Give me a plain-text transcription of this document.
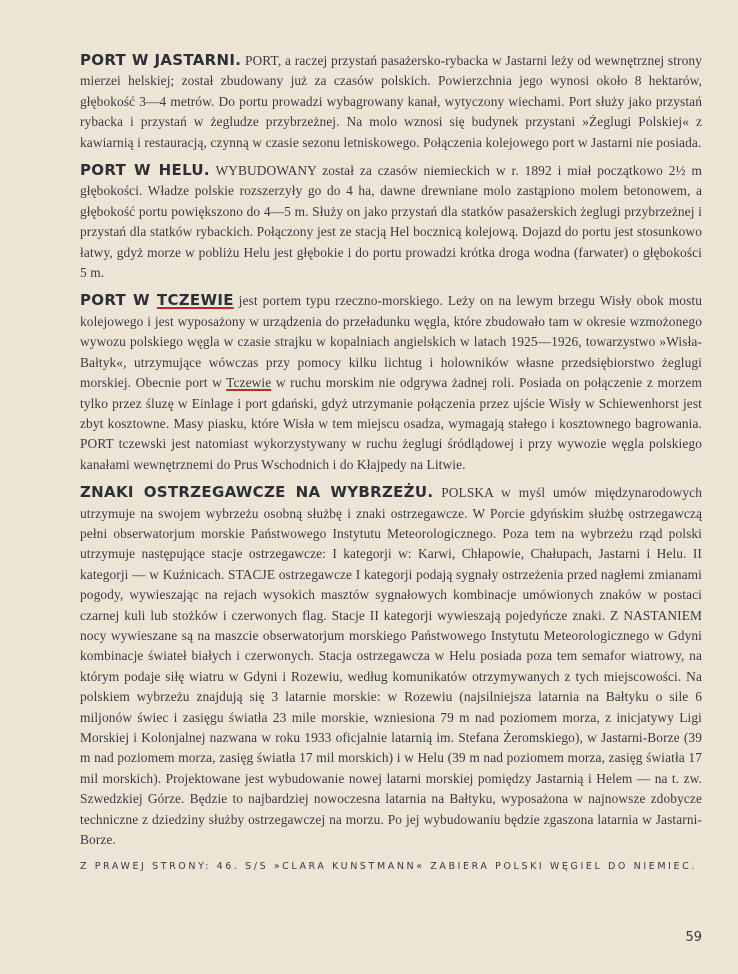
PORT W JASTARNI. PORT, a raczej przystań pasażersko-rybacka w Jastarni leży od wewnętrznej strony mierzei helskiej; został zbudowany już za czasów polskich. Powierzchnia jego wynosi około 8 hektarów, głębokość 3—4 metrów. Do portu prowadzi wybagrowany kanał, wytyczony wiechami. Port służy jako przystań rybacka i przystań w żegludze przybrzeżnej. Na molo wznosi się budynek przystani »Żeglugi Polskiej« z kawiarnią i restauracją, czynną w czasie sezonu letniskowego. Połączenia kolejowego port w Jastarni nie posiada.

PORT W HELU. WYBUDOWANY został za czasów niemieckich w r. 1892 i miał początkowo 2½ m głębokości. Władze polskie rozszerzyły go do 4 ha, dawne drewniane molo zastąpiono molem betonowem, a głębokość portu powiększono do 4—5 m. Służy on jako przystań dla statków pasażerskich żeglugi przybrzeżnej i przystań dla statków rybackich. Połączony jest ze stacją Hel bocznicą kolejową. Dojazd do portu jest stosunkowo łatwy, gdyż morze w pobliżu Helu jest głębokie i do portu prowadzi krótka droga wodna (farwater) o głębokości 5 m.

PORT W TCZEWIE jest portem typu rzeczno-morskiego. Leży on na lewym brzegu Wisły obok mostu kolejowego i jest wyposażony w urządzenia do przeładunku węgla, które zbudowało tam w okresie wzmożonego wywozu polskiego węgla w czasie strajku w kopalniach angielskich w latach 1925—1926, towarzystwo »Wisła-Bałtyk«, utrzymujące wówczas przy pomocy kilku lichtug i holowników własne przedsiębiorstwo żeglugi morskiej. Obecnie port w Tczewie w ruchu morskim nie odgrywa żadnej roli. Posiada on połączenie z morzem tylko przez śluzę w Einlage i port gdański, gdyż utrzymanie połączenia przez ujście Wisły w Schiewenhorst jest zbyt kosztowne. Masy piasku, które Wisła w tem miejscu osadza, wymagają stałego i kosztownego bagrowania. PORT tczewski jest natomiast wykorzystywany w ruchu żeglugi śródlądowej i przy wywozie węgla polskiego kanałami wewnętrznemi do Prus Wschodnich i do Kłajpedy na Litwie.

ZNAKI OSTRZEGAWCZE NA WYBRZEŻU. POLSKA w myśl umów międzynarodowych utrzymuje na swojem wybrzeżu osobną służbę i znaki ostrzegawcze. W Porcie gdyńskim służbę ostrzegawczą pełni obserwatorjum morskie Państwowego Instytutu Meteorologicznego. Poza tem na wybrzeżu rząd polski utrzymuje następujące stacje ostrzegawcze: I kategorji w: Karwi, Chłapowie, Chałupach, Jastarni i Helu. II kategorji — w Kuźnicach. STACJE ostrzegawcze I kategorji podają sygnały ostrzeżenia przed nagłemi zmianami pogody, wywieszając na rejach wysokich masztów sygnałowych kombinacje umówionych znaków w postaci czarnej kuli lub stożków i czerwonych flag. Stacje II kategorji wywieszają pojedyńcze znaki. Z NASTANIEM nocy wywieszane są na maszcie obserwatorjum morskiego Państwowego Instytutu Meteorologicznego w Gdyni kombinacje świateł białych i czerwonych. Stacja ostrzegawcza w Helu posiada poza tem semafor wiatrowy, na którym podaje siłę wiatru w Gdyni i Rozewiu, według komunikatów otrzymywanych z tych miejscowości. Na polskiem wybrzeżu znajdują się 3 latarnie morskie: w Rozewiu (najsilniejsza latarnia na Bałtyku o sile 6 miljonów świec i zasięgu światła 23 mile morskie, wzniesiona 79 m nad poziomem morza, z inicjatywy Ligi Morskiej i Kolonjalnej nazwana w roku 1933 oficjalnie latarnią im. Stefana Żeromskiego), w Jastarni-Borze (39 m nad poziomem morza, zasięg światła 17 mil morskich) i w Helu (39 m nad poziomem morza, zasięg światła 17 mil morskich). Projektowane jest wybudowanie nowej latarni morskiej pomiędzy Jastarnią i Helem — na t. zw. Szwedzkiej Górze. Będzie to najbardziej nowoczesna latarnia na Bałtyku, wyposażona w najnowsze zdobycze techniczne z dziedziny służby ostrzegawczej na morzu. Po jej wybudowaniu będzie zgaszona latarnia w Jastarni-Borze.

Z PRAWEJ STRONY: 46. S/S »CLARA KUNSTMANN« ZABIERA POLSKI WĘGIEL DO NIEMIEC.
59
